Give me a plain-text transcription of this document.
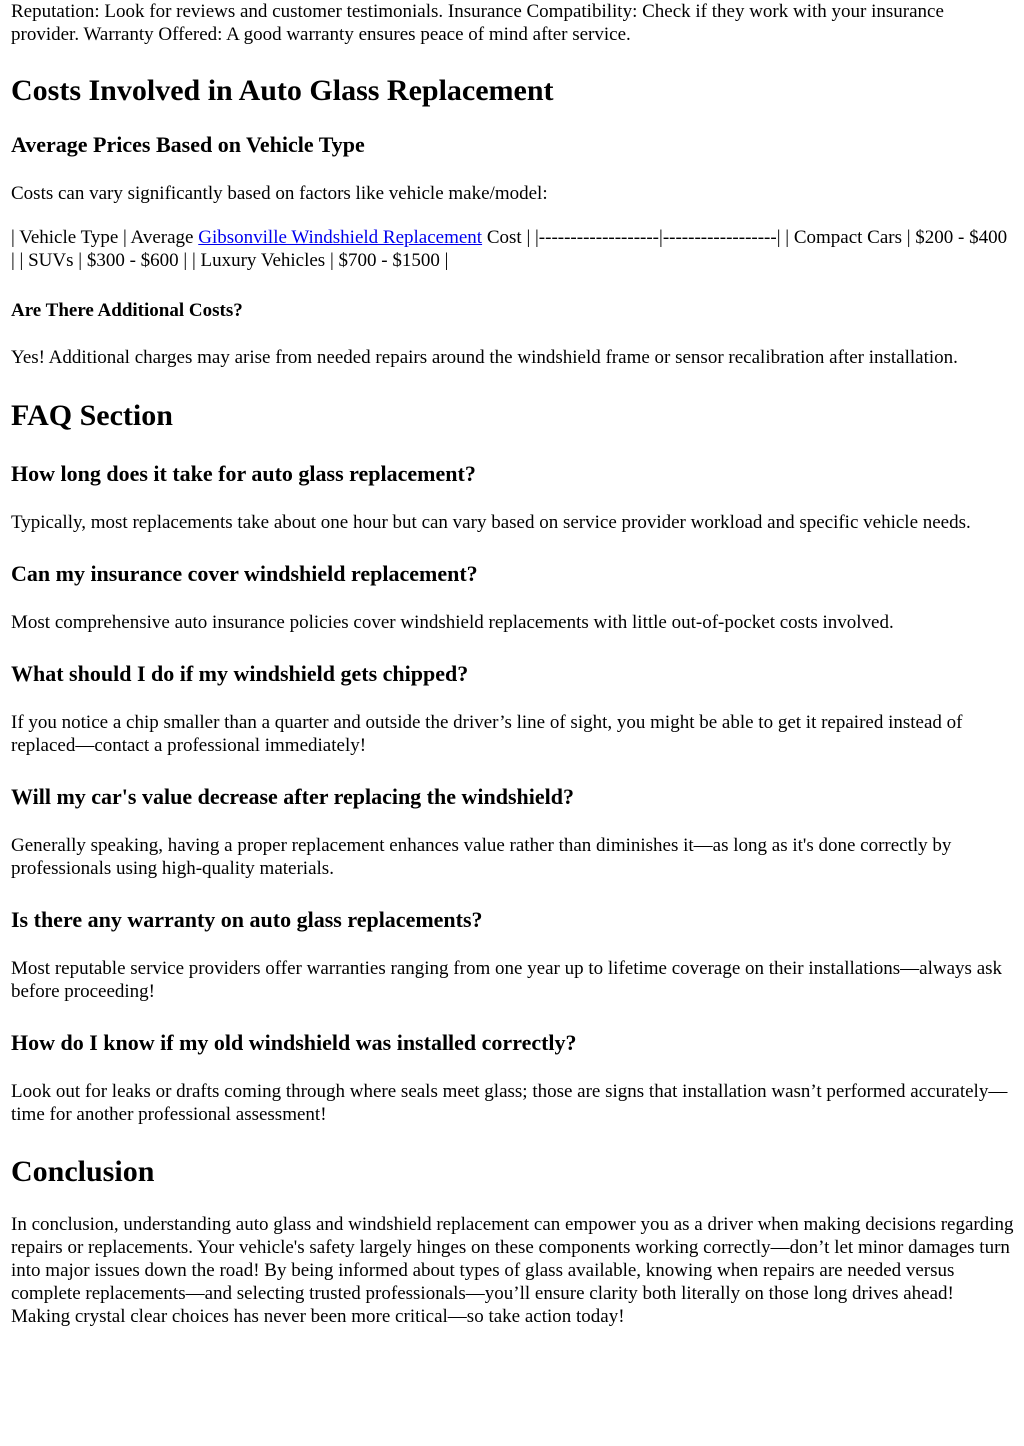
Reputation: Look for reviews and customer testimonials. Insurance Compatibility: Check if they work with your insurance provider. Warranty Offered: A good warranty ensures peace of mind after service.

Costs Involved in Auto Glass Replacement
Average Prices Based on Vehicle Type

Costs can vary significantly based on factors like vehicle make/model:

| Vehicle Type | Average Gibsonville Windshield Replacement Cost | |-------------------|------------------| | Compact Cars | $200 - $400 | | SUVs | $300 - $600 | | Luxury Vehicles | $700 - $1500 |

Are There Additional Costs?

Yes! Additional charges may arise from needed repairs around the windshield frame or sensor recalibration after installation.

FAQ Section
How long does it take for auto glass replacement?

Typically, most replacements take about one hour but can vary based on service provider workload and specific vehicle needs.

Can my insurance cover windshield replacement?

Most comprehensive auto insurance policies cover windshield replacements with little out-of-pocket costs involved.

What should I do if my windshield gets chipped?

If you notice a chip smaller than a quarter and outside the driver’s line of sight, you might be able to get it repaired instead of replaced—contact a professional immediately!

Will my car's value decrease after replacing the windshield?

Generally speaking, having a proper replacement enhances value rather than diminishes it—as long as it's done correctly by professionals using high-quality materials.

Is there any warranty on auto glass replacements?

Most reputable service providers offer warranties ranging from one year up to lifetime coverage on their installations—always ask before proceeding!

How do I know if my old windshield was installed correctly?

Look out for leaks or drafts coming through where seals meet glass; those are signs that installation wasn’t performed accurately—time for another professional assessment!

Conclusion

In conclusion, understanding auto glass and windshield replacement can empower you as a driver when making decisions regarding repairs or replacements. Your vehicle's safety largely hinges on these components working correctly—don’t let minor damages turn into major issues down the road! By being informed about types of glass available, knowing when repairs are needed versus complete replacements—and selecting trusted professionals—you’ll ensure clarity both literally on those long drives ahead! Making crystal clear choices has never been more critical—so take action today!
